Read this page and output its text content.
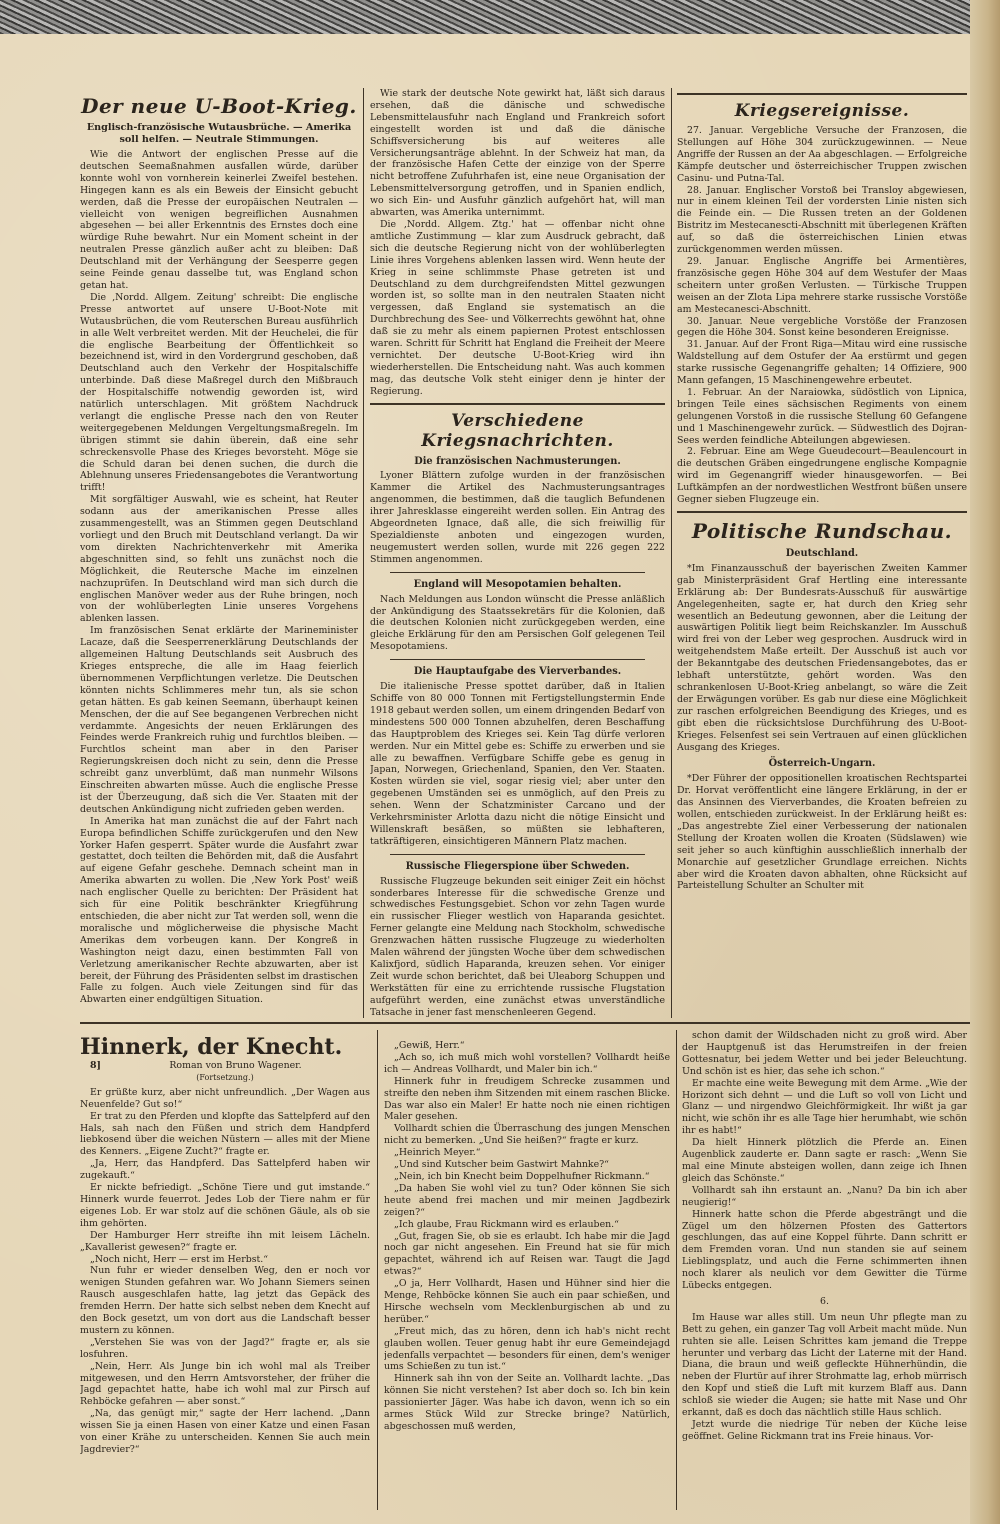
Der neue U-Boot-Krieg.
Englisch-französische Wutausbrüche. — Amerika soll helfen. — Neutrale Stimmungen.

Wie die Antwort der englischen Presse auf die deutschen Seemaßnahmen ausfallen würde, darüber konnte wohl von vornherein keinerlei Zweifel bestehen. Hingegen kann es als ein Beweis der Einsicht gebucht werden, daß die Presse der europäischen Neutralen — vielleicht von wenigen begreiflichen Ausnahmen abgesehen — bei aller Erkenntnis des Ernstes doch eine würdige Ruhe bewahrt. Nur ein Moment scheint in der neutralen Presse gänzlich außer acht zu bleiben: Daß Deutschland mit der Verhängung der Seesperre gegen seine Feinde genau dasselbe tut, was England schon getan hat.

Die ‚Nordd. Allgem. Zeitung' schreibt: Die englische Presse antwortet auf unsere U-Boot-Note mit Wutausbrüchen, die vom Reuterschen Bureau ausführlich in alle Welt verbreitet werden. Mit der Heuchelei, die für die englische Bearbeitung der Öffentlichkeit so bezeichnend ist, wird in den Vordergrund geschoben, daß Deutschland auch den Verkehr der Hospitalschiffe unterbinde. Daß diese Maßregel durch den Mißbrauch der Hospitalschiffe notwendig geworden ist, wird natürlich unterschlagen. Mit größtem Nachdruck verlangt die englische Presse nach den von Reuter weitergegebenen Meldungen Vergeltungsmaßregeln. Im übrigen stimmt sie dahin überein, daß eine sehr schreckensvolle Phase des Krieges bevorsteht. Möge sie die Schuld daran bei denen suchen, die durch die Ablehnung unseres Friedensangebotes die Verantwortung trifft!

Mit sorgfältiger Auswahl, wie es scheint, hat Reuter sodann aus der amerikanischen Presse alles zusammengestellt, was an Stimmen gegen Deutschland vorliegt und den Bruch mit Deutschland verlangt. Da wir vom direkten Nachrichtenverkehr mit Amerika abgeschnitten sind, so fehlt uns zunächst noch die Möglichkeit, die Reutersche Mache im einzelnen nachzuprüfen. In Deutschland wird man sich durch die englischen Manöver weder aus der Ruhe bringen, noch von der wohlüberlegten Linie unseres Vorgehens ablenken lassen.

Im französischen Senat erklärte der Marineminister Lacaze, daß die Seesperrenerklärung Deutschlands der allgemeinen Haltung Deutschlands seit Ausbruch des Krieges entspreche, die alle im Haag feierlich übernommenen Verpflichtungen verletze. Die Deutschen könnten nichts Schlimmeres mehr tun, als sie schon getan hätten. Es gab keinen Seemann, überhaupt keinen Menschen, der die auf See begangenen Verbrechen nicht verdammte. Angesichts der neuen Erklärungen des Feindes werde Frankreich ruhig und furchtlos bleiben. — Furchtlos scheint man aber in den Pariser Regierungskreisen doch nicht zu sein, denn die Presse schreibt ganz unverblümt, daß man nunmehr Wilsons Einschreiten abwarten müsse. Auch die englische Presse ist der Überzeugung, daß sich die Ver. Staaten mit der deutschen Ankündigung nicht zufrieden geben werden.

In Amerika hat man zunächst die auf der Fahrt nach Europa befindlichen Schiffe zurückgerufen und den New Yorker Hafen gesperrt. Später wurde die Ausfahrt zwar gestattet, doch teilten die Behörden mit, daß die Ausfahrt auf eigene Gefahr geschehe. Demnach scheint man in Amerika abwarten zu wollen. Die ‚New York Post' weiß nach englischer Quelle zu berichten: Der Präsident hat sich für eine Politik beschränkter Kriegführung entschieden, die aber nicht zur Tat werden soll, wenn die moralische und möglicherweise die physische Macht Amerikas dem vorbeugen kann. Der Kongreß in Washington neigt dazu, einen bestimmten Fall von Verletzung amerikanischer Rechte abzuwarten, aber ist bereit, der Führung des Präsidenten selbst im drastischen Falle zu folgen. Auch viele Zeitungen sind für das Abwarten einer endgültigen Situation.

Wie stark der deutsche Note gewirkt hat, läßt sich daraus ersehen, daß die dänische und schwedische Lebensmittelausfuhr nach England und Frankreich sofort eingestellt worden ist und daß die dänische Schiffsversicherung bis auf weiteres alle Versicherungsanträge ablehnt. In der Schweiz hat man, da der französische Hafen Cette der einzige von der Sperre nicht betroffene Zufuhrhafen ist, eine neue Organisation der Lebensmittelversorgung getroffen, und in Spanien endlich, wo sich Ein- und Ausfuhr gänzlich aufgehört hat, will man abwarten, was Amerika unternimmt.

Die ‚Nordd. Allgem. Ztg.' hat — offenbar nicht ohne amtliche Zustimmung — klar zum Ausdruck gebracht, daß sich die deutsche Regierung nicht von der wohlüberlegten Linie ihres Vorgehens ablenken lassen wird. Wenn heute der Krieg in seine schlimmste Phase getreten ist und Deutschland zu dem durchgreifendsten Mittel gezwungen worden ist, so sollte man in den neutralen Staaten nicht vergessen, daß England sie systematisch an die Durchbrechung des See- und Völkerrechts gewöhnt hat, ohne daß sie zu mehr als einem papiernen Protest entschlossen waren. Schritt für Schritt hat England die Freiheit der Meere vernichtet. Der deutsche U-Boot-Krieg wird ihn wiederherstellen. Die Entscheidung naht. Was auch kommen mag, das deutsche Volk steht einiger denn je hinter der Regierung.

Verschiedene Kriegsnachrichten.
Die französischen Nachmusterungen.

Lyoner Blättern zufolge wurden in der französischen Kammer die Artikel des Nachmusterungsantrages angenommen, die bestimmen, daß die tauglich Befundenen ihrer Jahresklasse eingereiht werden sollen. Ein Antrag des Abgeordneten Ignace, daß alle, die sich freiwillig für Spezialdienste anboten und eingezogen wurden, neugemustert werden sollen, wurde mit 226 gegen 222 Stimmen angenommen.

England will Mesopotamien behalten.

Nach Meldungen aus London wünscht die Presse anläßlich der Ankündigung des Staatssekretärs für die Kolonien, daß die deutschen Kolonien nicht zurückgegeben werden, eine gleiche Erklärung für den am Persischen Golf gelegenen Teil Mesopotamiens.

Die Hauptaufgabe des Vierverbandes.

Die italienische Presse spottet darüber, daß in Italien Schiffe von 80 000 Tonnen mit Fertigstellungstermin Ende 1918 gebaut werden sollen, um einem dringenden Bedarf von mindestens 500 000 Tonnen abzuhelfen, deren Beschaffung das Hauptproblem des Krieges sei. Kein Tag dürfe verloren werden. Nur ein Mittel gebe es: Schiffe zu erwerben und sie alle zu bewaffnen. Verfügbare Schiffe gebe es genug in Japan, Norwegen, Griechenland, Spanien, den Ver. Staaten. Kosten würden sie viel, sogar riesig viel; aber unter den gegebenen Umständen sei es unmöglich, auf den Preis zu sehen. Wenn der Schatzminister Carcano und der Verkehrsminister Arlotta dazu nicht die nötige Einsicht und Willenskraft besäßen, so müßten sie lebhafteren, tatkräftigeren, einsichtigeren Männern Platz machen.

Russische Fliegerspione über Schweden.

Russische Flugzeuge bekunden seit einiger Zeit ein höchst sonderbares Interesse für die schwedische Grenze und schwedisches Festungsgebiet. Schon vor zehn Tagen wurde ein russischer Flieger westlich von Haparanda gesichtet. Ferner gelangte eine Meldung nach Stockholm, schwedische Grenzwachen hätten russische Flugzeuge zu wiederholten Malen während der jüngsten Woche über dem schwedischen Kalixfjord, südlich Haparanda, kreuzen sehen. Vor einiger Zeit wurde schon berichtet, daß bei Uleaborg Schuppen und Werkstätten für eine zu errichtende russische Flugstation aufgeführt werden, eine zunächst etwas unverständliche Tatsache in jener fast menschenleeren Gegend.

Kriegsereignisse.

27. Januar. Vergebliche Versuche der Franzosen, die Stellungen auf Höhe 304 zurückzugewinnen. — Neue Angriffe der Russen an der Aa abgeschlagen. — Erfolgreiche Kämpfe deutscher und österreichischer Truppen zwischen Casinu- und Putna-Tal.

28. Januar. Englischer Vorstoß bei Transloy abgewiesen, nur in einem kleinen Teil der vordersten Linie nisten sich die Feinde ein. — Die Russen treten an der Goldenen Bistritz im Mestecanescti-Abschnitt mit überlegenen Kräften auf, so daß die österreichischen Linien etwas zurückgenommen werden müssen.

29. Januar. Englische Angriffe bei Armentières, französische gegen Höhe 304 auf dem Westufer der Maas scheitern unter großen Verlusten. — Türkische Truppen weisen an der Zlota Lipa mehrere starke russische Vorstöße am Mestecanesci-Abschnitt.

30. Januar. Neue vergebliche Vorstöße der Franzosen gegen die Höhe 304. Sonst keine besonderen Ereignisse.

31. Januar. Auf der Front Riga—Mitau wird eine russische Waldstellung auf dem Ostufer der Aa erstürmt und gegen starke russische Gegenangriffe gehalten; 14 Offiziere, 900 Mann gefangen, 15 Maschinengewehre erbeutet.

1. Februar. An der Naraiowka, südöstlich von Lipnica, bringen Teile eines sächsischen Regiments von einem gelungenen Vorstoß in die russische Stellung 60 Gefangene und 1 Maschinengewehr zurück. — Südwestlich des Dojran-Sees werden feindliche Abteilungen abgewiesen.

2. Februar. Eine am Wege Gueudecourt—Beaulencourt in die deutschen Gräben eingedrungene englische Kompagnie wird im Gegenangriff wieder hinausgeworfen. — Bei Luftkämpfen an der nordwestlichen Westfront büßen unsere Gegner sieben Flugzeuge ein.

Politische Rundschau.
Deutschland.

*Im Finanzausschuß der bayerischen Zweiten Kammer gab Ministerpräsident Graf Hertling eine interessante Erklärung ab: Der Bundesrats-Ausschuß für auswärtige Angelegenheiten, sagte er, hat durch den Krieg sehr wesentlich an Bedeutung gewonnen, aber die Leitung der auswärtigen Politik liegt beim Reichskanzler. Im Ausschuß wird frei von der Leber weg gesprochen. Ausdruck wird in weitgehendstem Maße erteilt. Der Ausschuß ist auch vor der Bekanntgabe des deutschen Friedensangebotes, das er lebhaft unterstützte, gehört worden. Was den schrankenlosen U-Boot-Krieg anbelangt, so wäre die Zeit der Erwägungen vorüber. Es gab nur diese eine Möglichkeit zur raschen erfolgreichen Beendigung des Krieges, und es gibt eben die rücksichtslose Durchführung des U-Boot-Krieges. Felsenfest sei sein Vertrauen auf einen glücklichen Ausgang des Krieges.

Österreich-Ungarn.

*Der Führer der oppositionellen kroatischen Rechtspartei Dr. Horvat veröffentlicht eine längere Erklärung, in der er das Ansinnen des Vierverbandes, die Kroaten befreien zu wollen, entschieden zurückweist. In der Erklärung heißt es: „Das angestrebte Ziel einer Verbesserung der nationalen Stellung der Kroaten wollen die Kroaten (Südslawen) wie seit jeher so auch künftighin ausschließlich innerhalb der Monarchie auf gesetzlicher Grundlage erreichen. Nichts aber wird die Kroaten davon abhalten, ohne Rücksicht auf Parteistellung Schulter an Schulter mit

Hinnerk, der Knecht.
8]	Roman von Bruno Wagener.
(Fortsetzung.)

Er grüßte kurz, aber nicht unfreundlich. „Der Wagen aus Neuenfelde? Gut so!“

Er trat zu den Pferden und klopfte das Sattelpferd auf den Hals, sah nach den Füßen und strich dem Handpferd liebkosend über die weichen Nüstern — alles mit der Miene des Kenners. „Eigene Zucht?“ fragte er.

„Ja, Herr, das Handpferd. Das Sattelpferd haben wir zugekauft.“

Er nickte befriedigt. „Schöne Tiere und gut imstande.“ Hinnerk wurde feuerrot. Jedes Lob der Tiere nahm er für eigenes Lob. Er war stolz auf die schönen Gäule, als ob sie ihm gehörten.

Der Hamburger Herr streifte ihn mit leisem Lächeln. „Kavallerist gewesen?“ fragte er.

„Noch nicht, Herr — erst im Herbst.“

Nun fuhr er wieder denselben Weg, den er noch vor wenigen Stunden gefahren war. Wo Johann Siemers seinen Rausch ausgeschlafen hatte, lag jetzt das Gepäck des fremden Herrn. Der hatte sich selbst neben dem Knecht auf den Bock gesetzt, um von dort aus die Landschaft besser mustern zu können.

„Verstehen Sie was von der Jagd?“ fragte er, als sie losfuhren.

„Nein, Herr. Als Junge bin ich wohl mal als Treiber mitgewesen, und den Herrn Amtsvorsteher, der früher die Jagd gepachtet hatte, habe ich wohl mal zur Pirsch auf Rehböcke gefahren — aber sonst.“

„Na, das genügt mir,“ sagte der Herr lachend. „Dann wissen Sie ja einen Hasen von einer Katze und einen Fasan von einer Krähe zu unterscheiden. Kennen Sie auch mein Jagdrevier?“

„Gewiß, Herr.“

„Ach so, ich muß mich wohl vorstellen? Vollhardt heiße ich — Andreas Vollhardt, und Maler bin ich.“

Hinnerk fuhr in freudigem Schrecke zusammen und streifte den neben ihm Sitzenden mit einem raschen Blicke. Das war also ein Maler! Er hatte noch nie einen richtigen Maler gesehen.

Vollhardt schien die Überraschung des jungen Menschen nicht zu bemerken. „Und Sie heißen?“ fragte er kurz.

„Heinrich Meyer.“

„Und sind Kutscher beim Gastwirt Mahnke?“

„Nein, ich bin Knecht beim Doppelhufner Rickmann.“

„Da haben Sie wohl viel zu tun? Oder können Sie sich heute abend frei machen und mir meinen Jagdbezirk zeigen?“

„Ich glaube, Frau Rickmann wird es erlauben.“

„Gut, fragen Sie, ob sie es erlaubt. Ich habe mir die Jagd noch gar nicht angesehen. Ein Freund hat sie für mich gepachtet, während ich auf Reisen war. Taugt die Jagd etwas?“

„O ja, Herr Vollhardt, Hasen und Hühner sind hier die Menge, Rehböcke können Sie auch ein paar schießen, und Hirsche wechseln vom Mecklenburgischen ab und zu herüber.“

„Freut mich, das zu hören, denn ich hab's nicht recht glauben wollen. Teuer genug habt ihr eure Gemeindejagd jedenfalls verpachtet — besonders für einen, dem's weniger ums Schießen zu tun ist.“

Hinnerk sah ihn von der Seite an. Vollhardt lachte. „Das können Sie nicht verstehen? Ist aber doch so. Ich bin kein passionierter Jäger. Was habe ich davon, wenn ich so ein armes Stück Wild zur Strecke bringe? Natürlich, abgeschossen muß werden,

schon damit der Wildschaden nicht zu groß wird. Aber der Hauptgenuß ist das Herumstreifen in der freien Gottesnatur, bei jedem Wetter und bei jeder Beleuchtung. Und schön ist es hier, das sehe ich schon.“

Er machte eine weite Bewegung mit dem Arme. „Wie der Horizont sich dehnt — und die Luft so voll von Licht und Glanz — und nirgendwo Gleichförmigkeit. Ihr wißt ja gar nicht, wie schön ihr es alle Tage hier herumhabt, wie schön ihr es habt!“

Da hielt Hinnerk plötzlich die Pferde an. Einen Augenblick zauderte er. Dann sagte er rasch: „Wenn Sie mal eine Minute absteigen wollen, dann zeige ich Ihnen gleich das Schönste.“

Vollhardt sah ihn erstaunt an. „Nanu? Da bin ich aber neugierig!“

Hinnerk hatte schon die Pferde abgesträngt und die Zügel um den hölzernen Pfosten des Gattertors geschlungen, das auf eine Koppel führte. Dann schritt er dem Fremden voran. Und nun standen sie auf seinem Lieblingsplatz, und auch die Ferne schimmerten ihnen noch klarer als neulich vor dem Gewitter die Türme Lübecks entgegen.

6.

Im Hause war alles still. Um neun Uhr pflegte man zu Bett zu gehen, ein ganzer Tag voll Arbeit macht müde. Nun ruhten sie alle. Leisen Schrittes kam jemand die Treppe herunter und verbarg das Licht der Laterne mit der Hand. Diana, die braun und weiß gefleckte Hühnerhündin, die neben der Flurtür auf ihrer Strohmatte lag, erhob mürrisch den Kopf und stieß die Luft mit kurzem Blaff aus. Dann schloß sie wieder die Augen; sie hatte mit Nase und Ohr erkannt, daß es doch das nächtlich stille Haus schlich.

Jetzt wurde die niedrige Tür neben der Küche leise geöffnet. Geline Rickmann trat ins Freie hinaus. Vor-
